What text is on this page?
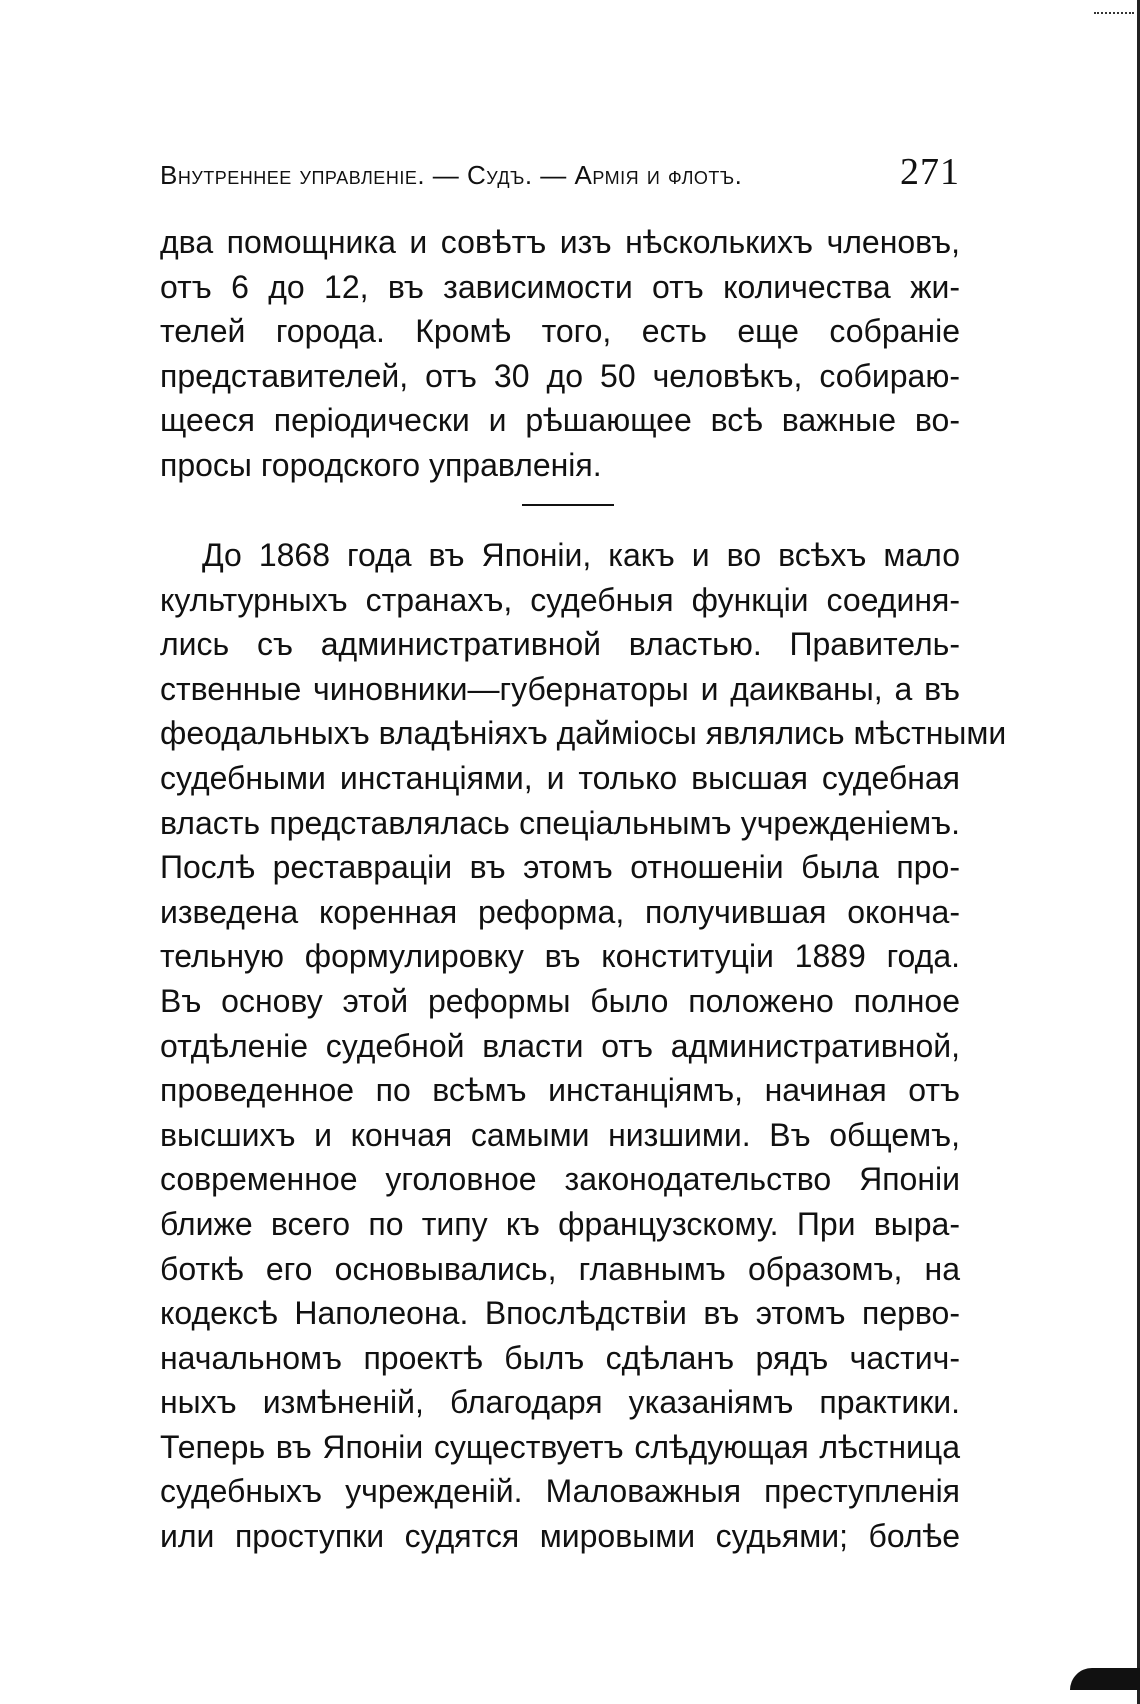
Внутреннее управленіе. — Судъ. — Армія и флотъ.	271
два помощника и совѣтъ изъ нѣсколькихъ членовъ,
отъ 6 до 12, въ зависимости отъ количества жи-
телей города. Кромѣ того, есть еще собраніе
представителей, отъ 30 до 50 человѣкъ, собираю-
щееся періодически и рѣшающее всѣ важные во-
просы городского управленія.
До 1868 года въ Японіи, какъ и во всѣхъ мало
культурныхъ странахъ, судебныя функціи соединя-
лись съ административной властью. Правитель-
ственные чиновники—губернаторы и даикваны, а въ
феодальныхъ владѣніяхъ даймiосы являлись мѣстными
судебными инстанціями, и только высшая судебная
власть представлялась спеціальнымъ учрежденіемъ.
Послѣ реставраціи въ этомъ отношеніи была про-
изведена коренная реформа, получившая оконча-
тельную формулировку въ конституціи 1889 года.
Въ основу этой реформы было положено полное
отдѣленіе судебной власти отъ административной,
проведенное по всѣмъ инстанціямъ, начиная отъ
высшихъ и кончая самыми низшими. Въ общемъ,
современное уголовное законодательство Японіи
ближе всего по типу къ французскому. При выра-
боткѣ его основывались, главнымъ образомъ, на
кодексѣ Наполеона. Впослѣдствіи въ этомъ перво-
начальномъ проектѣ былъ сдѣланъ рядъ частич-
ныхъ измѣненій, благодаря указаніямъ практики.
Теперь въ Японіи существуетъ слѣдующая лѣстница
судебныхъ учрежденій. Маловажныя преступленія
или проступки судятся мировыми судьями; болѣе
